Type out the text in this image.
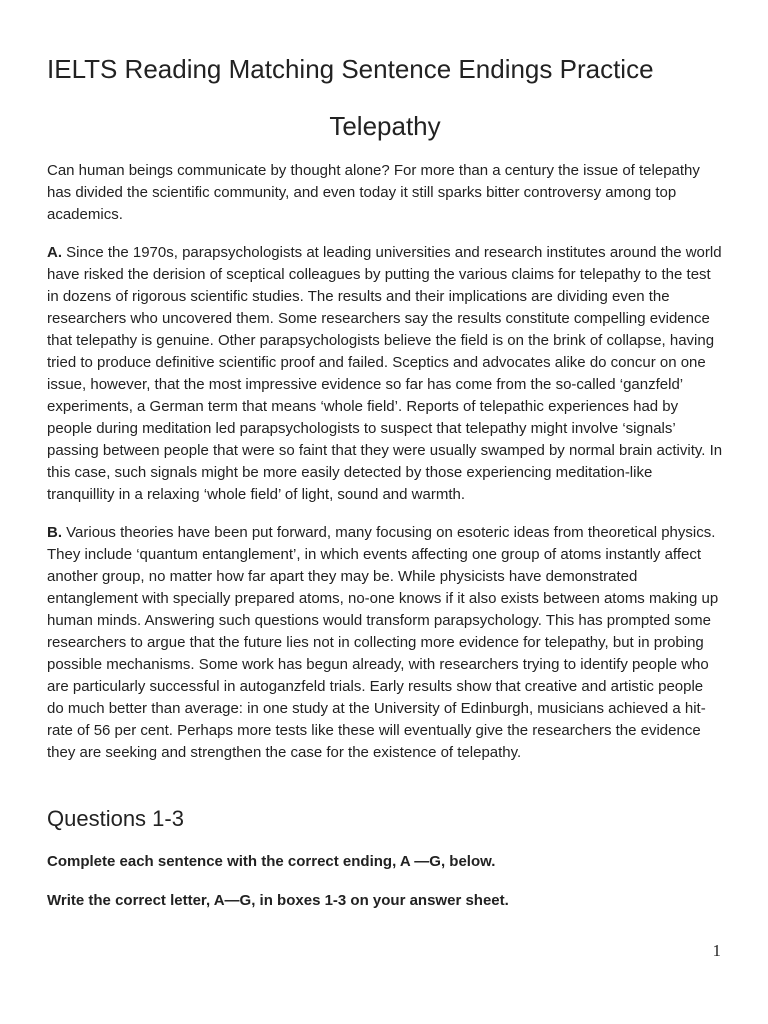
IELTS Reading Matching Sentence Endings Practice
Telepathy

Can human beings communicate by thought alone? For more than a century the issue of telepathy has divided the scientific community, and even today it still sparks bitter controversy among top academics.

A. Since the 1970s, parapsychologists at leading universities and research institutes around the world have risked the derision of sceptical colleagues by putting the various claims for telepathy to the test in dozens of rigorous scientific studies. The results and their implications are dividing even the researchers who uncovered them. Some researchers say the results constitute compelling evidence that telepathy is genuine. Other parapsychologists believe the field is on the brink of collapse, having tried to produce definitive scientific proof and failed. Sceptics and advocates alike do concur on one issue, however, that the most impressive evidence so far has come from the so-called ‘ganzfeld’ experiments, a German term that means ‘whole field’. Reports of telepathic experiences had by people during meditation led parapsychologists to suspect that telepathy might involve ‘signals’ passing between people that were so faint that they were usually swamped by normal brain activity. In this case, such signals might be more easily detected by those experiencing meditation-like tranquillity in a relaxing ‘whole field’ of light, sound and warmth.

B. Various theories have been put forward, many focusing on esoteric ideas from theoretical physics. They include ‘quantum entanglement’, in which events affecting one group of atoms instantly affect another group, no matter how far apart they may be. While physicists have demonstrated entanglement with specially prepared atoms, no-one knows if it also exists between atoms making up human minds. Answering such questions would transform parapsychology. This has prompted some researchers to argue that the future lies not in collecting more evidence for telepathy, but in probing possible mechanisms. Some work has begun already, with researchers trying to identify people who are particularly successful in autoganzfeld trials. Early results show that creative and artistic people do much better than average: in one study at the University of Edinburgh, musicians achieved a hit-rate of 56 per cent. Perhaps more tests like these will eventually give the researchers the evidence they are seeking and strengthen the case for the existence of telepathy.

Questions 1-3

Complete each sentence with the correct ending, A —G, below.

Write the correct letter, A—G, in boxes 1-3 on your answer sheet.

1
